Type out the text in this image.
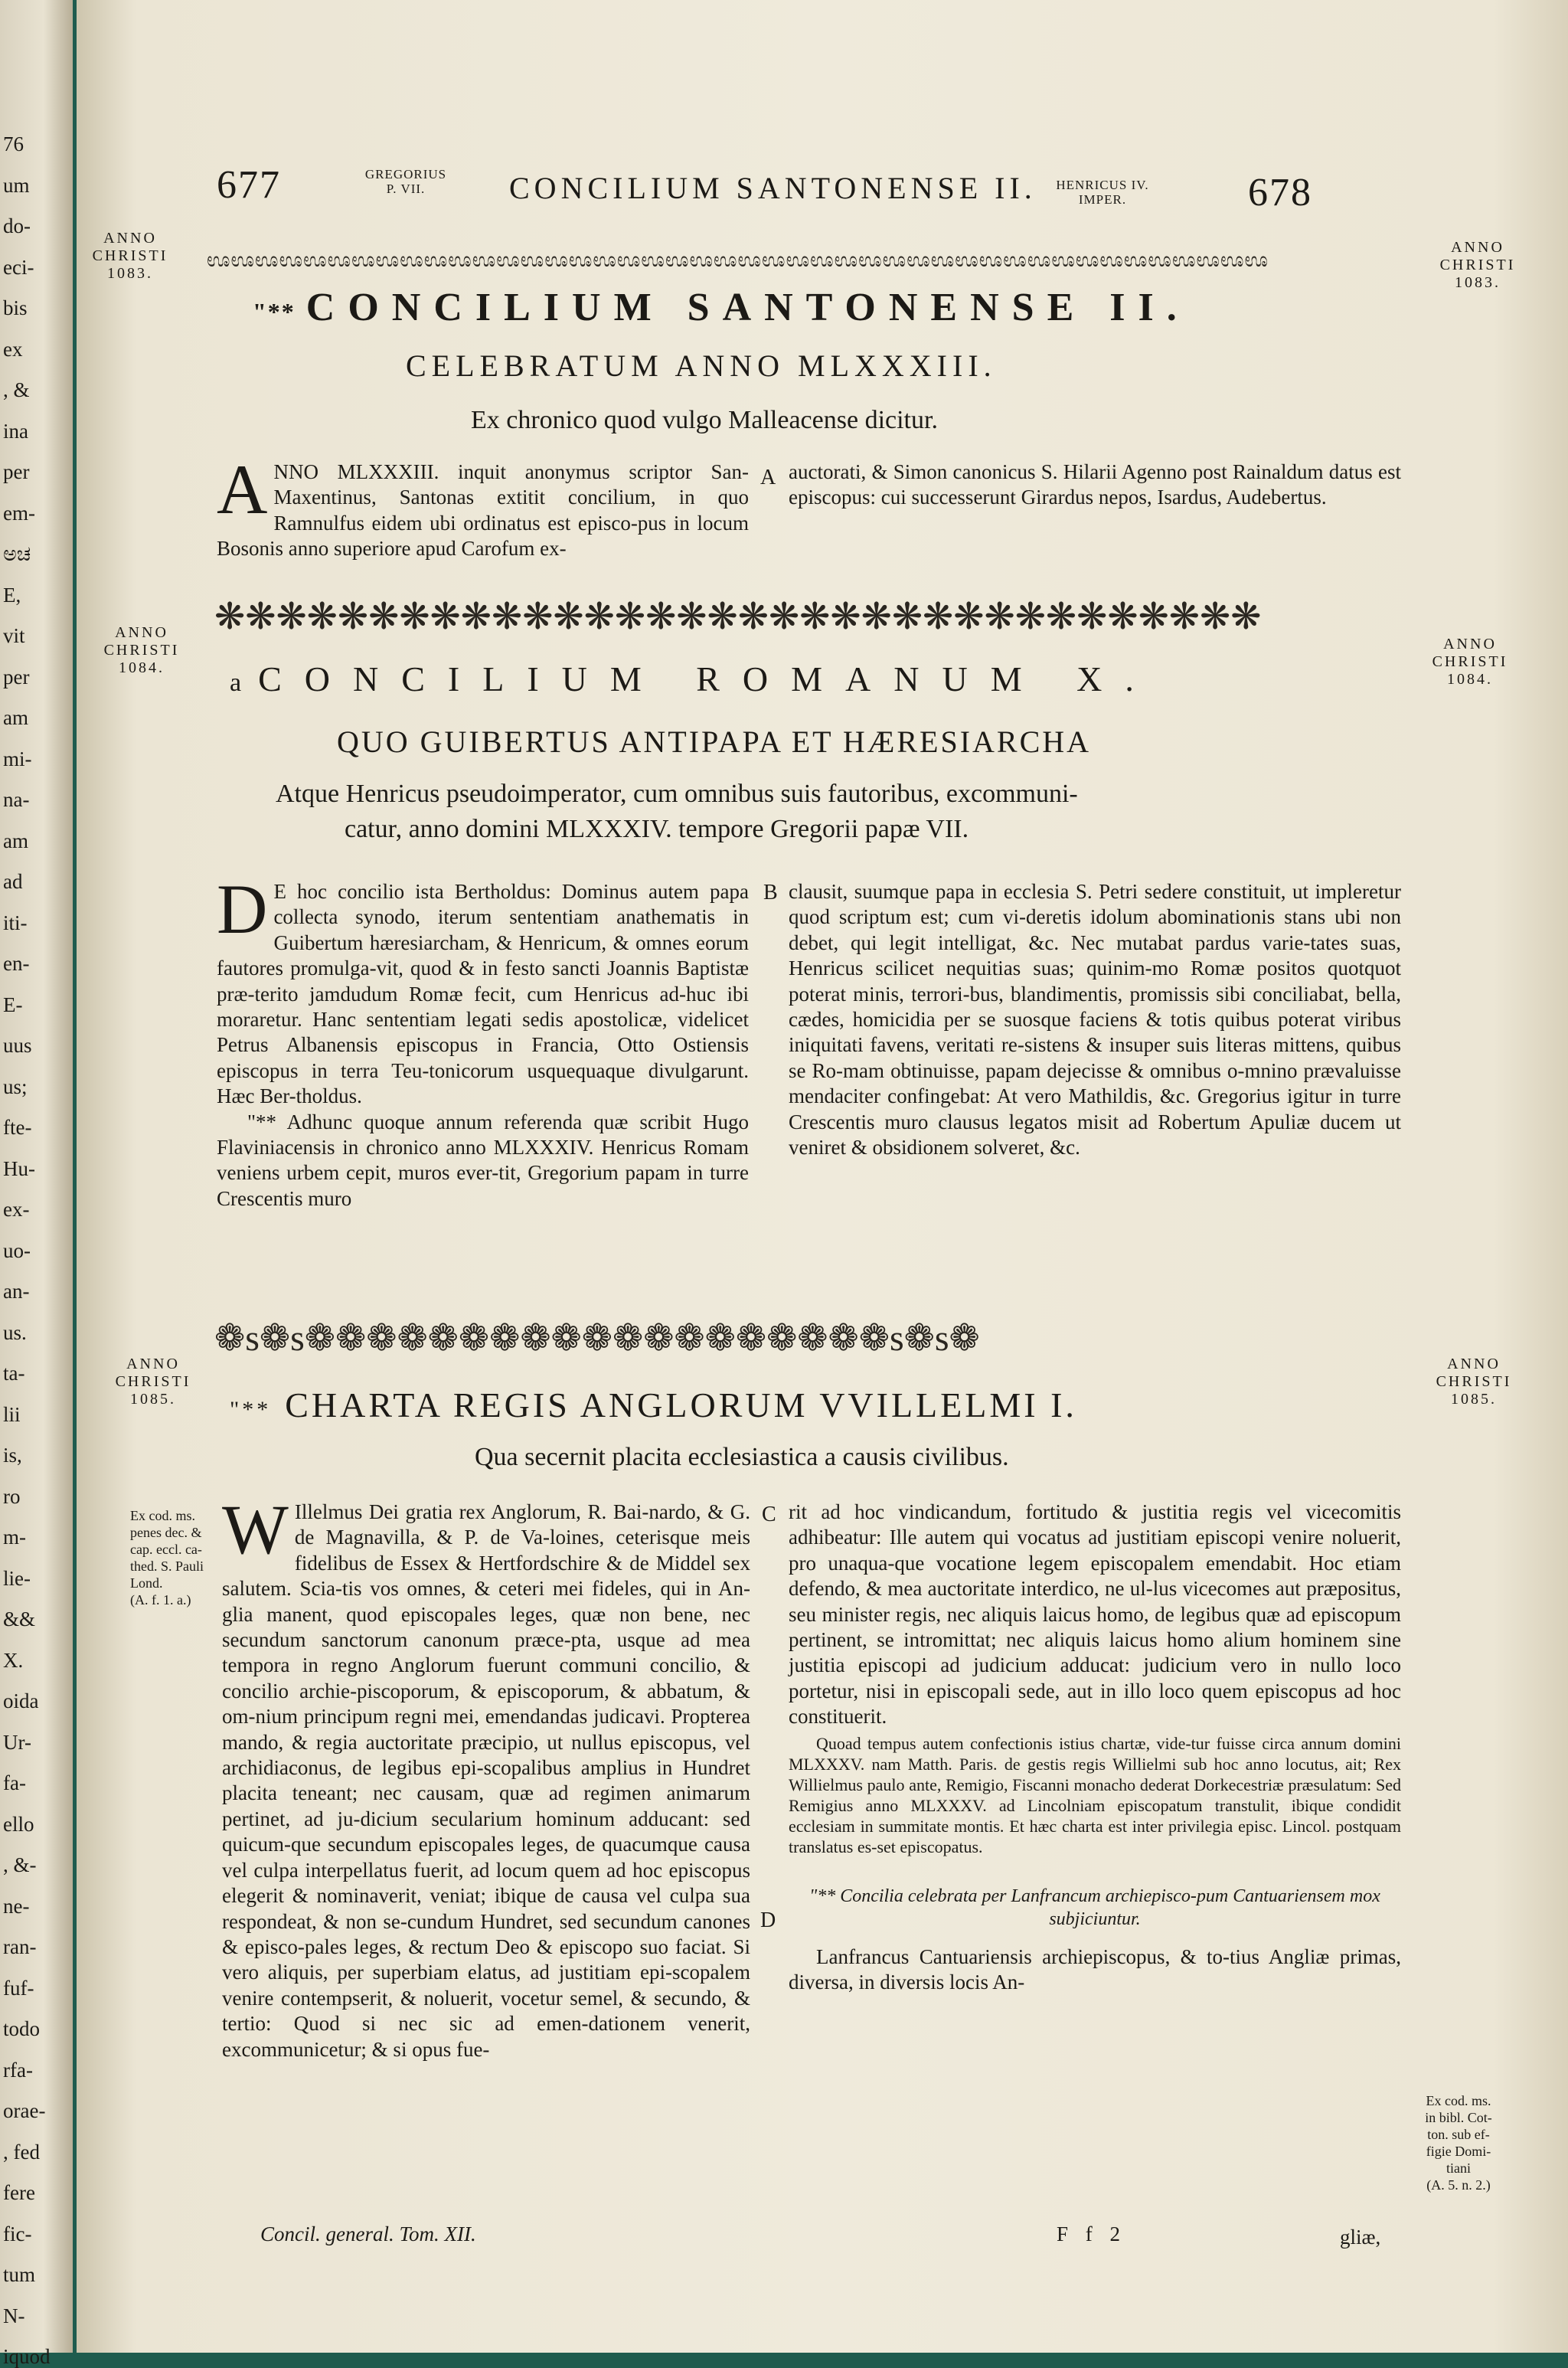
76
um
do-
eci-
bis
ex
, &
ina
per
em-
ಅಚ
E,
vit
per
am
mi-
na-
am
ad
iti-
en-
E-
uus
us;
fte-
Hu-
ex-
uo-
an-
us.
ta-
lii
is,
ro
m-
lie-
&&
X.
oida
Ur-
fa-
ello
, &-
ne-
ran-
fuf-
todo
rfa-
orae-
, fed
fere
fic-
tum
N-
iquod
677	GREGORIUS
P. VII.	CONCILIUM SANTONENSE II.	HENRICUS IV.
IMPER.	678
ANNO
CHRISTI
1083.
ANNO
CHRISTI
1083.
ಊಊಊಊಊಊಊಊಊಊಊಊಊಊಊಊಊಊಊಊಊಊಊಊಊಊಊಊಊಊಊಊಊಊಊಊಊಊಊಊಊಊಊಊ
"** CONCILIUM SANTONENSE II.
CELEBRATUM ANNO MLXXXIII.
Ex chronico quod vulgo Malleacense dicitur.
ANNO MLXXXIII. inquit anonymus scriptor San-Maxentinus, Santonas extitit concilium, in quo Ramnulfus eidem ubi ordinatus est episco-pus in locum Bosonis anno superiore apud Carofum ex-
A auctorati, & Simon canonicus S. Hilarii Agenno post Rainaldum datus est episcopus: cui successerunt Girardus nepos, Isardus, Audebertus.
ANNO
CHRISTI
1084.
ANNO
CHRISTI
1084.
❋❋❋❋❋❋❋❋❋❋❋❋❋❋❋❋❋❋❋❋❋❋❋❋❋❋❋❋❋❋❋❋❋❋
a CONCILIUM ROMANUM X.
QUO GUIBERTUS ANTIPAPA ET HÆRESIARCHA
Atque Henricus pseudoimperator, cum omnibus suis fautoribus, excommuni-
catur, anno domini MLXXXIV. tempore Gregorii papæ VII.
D E hoc concilio ista Bertholdus: Dominus autem papa collecta synodo, iterum sententiam anathematis in Guibertum hæresiarcham, & Henricum, & omnes eorum fautores promulga-vit, quod & in festo sancti Joannis Baptistæ præ-terito jamdudum Romæ fecit, cum Henricus ad-huc ibi moraretur. Hanc sententiam legati sedis apostolicæ, videlicet Petrus Albanensis episcopus in Francia, Otto Ostiensis episcopus in terra Teu-tonicorum usquequaque divulgarunt. Hæc Ber-tholdus.
"** Adhunc quoque annum referenda quæ scribit Hugo Flaviniacensis in chronico anno MLXXXIV. Henricus Romam veniens urbem cepit, muros ever-tit, Gregorium papam in turre Crescentis muro
B clausit, suumque papa in ecclesia S. Petri sedere constituit, ut impleretur quod scriptum est; cum vi-deretis idolum abominationis stans ubi non debet, qui legit intelligat, &c. Nec mutabat pardus varie-tates suas, Henricus scilicet nequitias suas; quinim-mo Romæ positos quotquot poterat minis, terrori-bus, blandimentis, promissis sibi conciliabat, bella, cædes, homicidia per se suosque faciens & totis quibus poterat viribus iniquitati favens, veritati re-sistens & insuper suis literas mittens, quibus se Ro-mam obtinuisse, papam dejecisse & omnibus o-mnino prævaluisse mendaciter confingebat: At vero Mathildis, &c. Gregorius igitur in turre Crescentis muro clausus legatos misit ad Robertum Apuliæ ducem ut veniret & obsidionem solveret, &c.
❁s❁s❁❁❁❁❁❁❁❁❁❁❁❁❁❁❁❁❁❁❁s❁s❁
ANNO
CHRISTI
1085.
ANNO
CHRISTI
1085.
"** CHARTA REGIS ANGLORUM VVILLELMI I.
Qua secernit placita ecclesiastica a causis civilibus.
Ex cod. ms.
penes dec. &
cap. eccl. ca-
thed. S. Pauli
Lond.
(A. f. 1. a.)
W Illelmus Dei gratia rex Anglorum, R. Bai-nardo, & G. de Magnavilla, & P. de Va-loines, ceterisque meis fidelibus de Essex & Hertfordschire & de Middel sex salutem. Scia-tis vos omnes, & ceteri mei fideles, qui in An-glia manent, quod episcopales leges, quæ non bene, nec secundum sanctorum canonum præce-pta, usque ad mea tempora in regno Anglorum fuerunt communi concilio, & concilio archie-piscoporum, & episcoporum, & abbatum, & om-nium principum regni mei, emendandas judicavi. Propterea mando, & regia auctoritate præcipio, ut nullus episcopus, vel archidiaconus, de legibus epi-scopalibus amplius in Hundret placita teneant; nec causam, quæ ad regimen animarum pertinet, ad ju-dicium secularium hominum adducant: sed quicum-que secundum episcopales leges, de quacumque causa vel culpa interpellatus fuerit, ad locum quem ad hoc episcopus elegerit & nominaverit, veniat; ibique de causa vel culpa sua respondeat, & non se-cundum Hundret, sed secundum canones & episco-pales leges, & rectum Deo & episcopo suo faciat. Si vero aliquis, per superbiam elatus, ad justitiam epi-scopalem venire contempserit, & noluerit, vocetur semel, & secundo, & tertio: Quod si nec sic ad emen-dationem venerit, excommunicetur; & si opus fue-
C
D
rit ad hoc vindicandum, fortitudo & justitia regis vel vicecomitis adhibeatur: Ille autem qui vocatus ad justitiam episcopi venire noluerit, pro unaqua-que vocatione legem episcopalem emendabit. Hoc etiam defendo, & mea auctoritate interdico, ne ul-lus vicecomes aut præpositus, seu minister regis, nec aliquis laicus homo, de legibus quæ ad episcopum pertinent, se intromittat; nec aliquis laicus homo alium hominem sine justitia episcopi ad judicium adducat: judicium vero in nullo loco portetur, nisi in episcopali sede, aut in illo loco quem episcopus ad hoc constituerit.
Quoad tempus autem confectionis istius chartæ, vide-tur fuisse circa annum domini MLXXXV. nam Matth. Paris. de gestis regis Willielmi sub hoc anno locutus, ait; Rex Willielmus paulo ante, Remigio, Fiscanni monacho dederat Dorkecestriæ præsulatum: Sed Remigius anno MLXXXV. ad Lincolniam episcopatum transtulit, ibique condidit ecclesiam in summitate montis. Et hæc charta est inter privilegia episc. Lincol. postquam translatus es-set episcopatus.
"** Concilia celebrata per Lanfrancum archiepisco-pum Cantuariensem mox subjiciuntur.
Lanfrancus Cantuariensis archiepiscopus, & to-tius Angliæ primas, diversa, in diversis locis An-
Ex cod. ms.
in bibl. Cot-
ton. sub ef-
figie Domi-
tiani
(A. 5. n. 2.)
Concil. general. Tom. XII.	F f 2	gliæ,
